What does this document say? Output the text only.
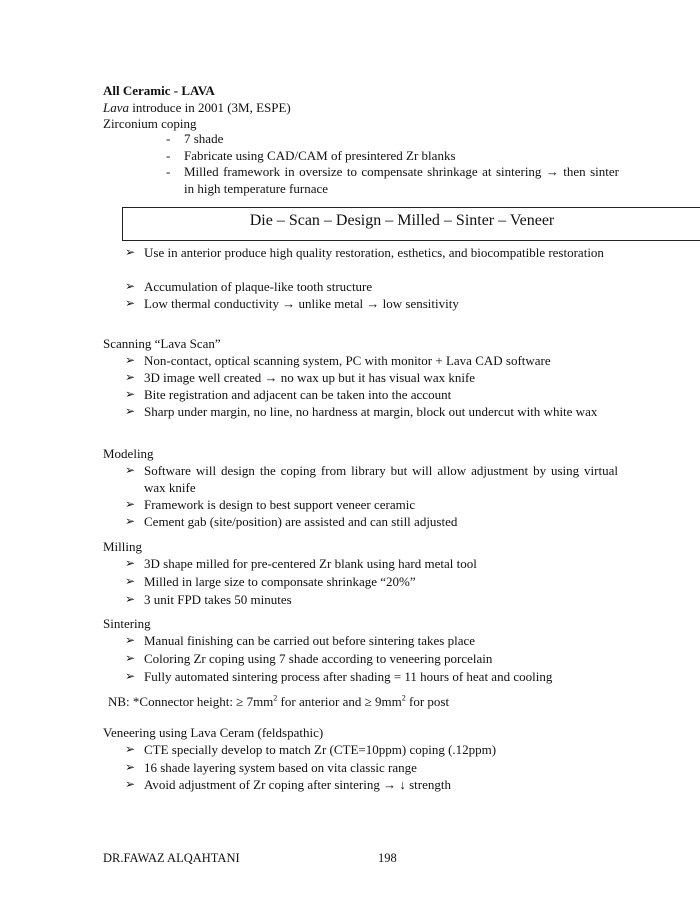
All Ceramic - LAVA
Lava introduce in 2001 (3M, ESPE)
Zirconium coping
- 7 shade
- Fabricate using CAD/CAM of presintered Zr blanks
- Milled framework in oversize to compensate shrinkage at sintering → then sinter in high temperature furnace
Die – Scan – Design – Milled – Sinter – Veneer
➢ Use in anterior produce high quality restoration, esthetics, and biocompatible restoration
➢ Accumulation of plaque-like tooth structure
➢ Low thermal conductivity → unlike metal → low sensitivity
Scanning “Lava Scan”
➢ Non-contact, optical scanning system, PC with monitor + Lava CAD software
➢ 3D image well created → no wax up but it has visual wax knife
➢ Bite registration and adjacent can be taken into the account
➢ Sharp under margin, no line, no hardness at margin, block out undercut with white wax
Modeling
➢ Software will design the coping from library but will allow adjustment by using virtual wax knife
➢ Framework is design to best support veneer ceramic
➢ Cement gab (site/position) are assisted and can still adjusted
Milling
➢ 3D shape milled for pre-centered Zr blank using hard metal tool
➢ Milled in large size to componsate shrinkage “20%”
➢ 3 unit FPD takes 50 minutes
Sintering
➢ Manual finishing can be carried out before sintering takes place
➢ Coloring Zr coping using 7 shade according to veneering porcelain
➢ Fully automated sintering process after shading = 11 hours of heat and cooling
NB: *Connector height: ≥ $7mm^2$ for anterior and ≥ $9mm^2$ for post
Veneering using Lava Ceram (feldspathic)
➢ CTE specially develop to match Zr (CTE=10ppm) coping (.12ppm)
➢ 16 shade layering system based on vita classic range
➢ Avoid adjustment of Zr coping after sintering → ↓ strength
DR.FAWAZ ALQAHTANI	198
